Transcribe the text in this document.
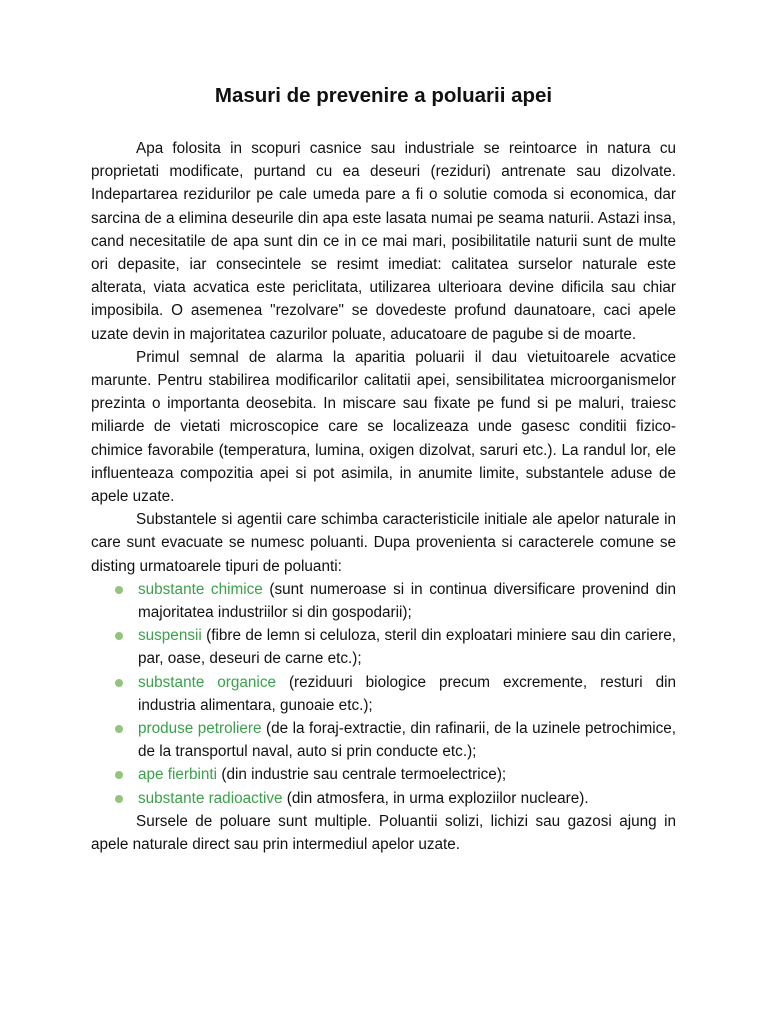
Masuri de prevenire a poluarii apei

Apa folosita in scopuri casnice sau industriale se reintoarce in natura cu proprietati modificate, purtand cu ea deseuri (reziduri) antrenate sau dizolvate. Indepartarea rezidurilor pe cale umeda pare a fi o solutie comoda si economica, dar sarcina de a elimina deseurile din apa este lasata numai pe seama naturii. Astazi insa, cand necesitatile de apa sunt din ce in ce mai mari, posibilitatile naturii sunt de multe ori depasite, iar consecintele se resimt imediat: calitatea surselor naturale este alterata, viata acvatica este periclitata, utilizarea ulterioara devine dificila sau chiar imposibila. O asemenea "rezolvare" se dovedeste profund daunatoare, caci apele uzate devin in majoritatea cazurilor poluate, aducatoare de pagube si de moarte.

Primul semnal de alarma la aparitia poluarii il dau vietuitoarele acvatice marunte. Pentru stabilirea modificarilor calitatii apei, sensibilitatea microorganismelor prezinta o importanta deosebita. In miscare sau fixate pe fund si pe maluri, traiesc miliarde de vietati microscopice care se localizeaza unde gasesc conditii fizico-chimice favorabile (temperatura, lumina, oxigen dizolvat, saruri etc.). La randul lor, ele influenteaza compozitia apei si pot asimila, in anumite limite, substantele aduse de apele uzate.

Substantele si agentii care schimba caracteristicile initiale ale apelor naturale in care sunt evacuate se numesc poluanti. Dupa provenienta si caracterele comune se disting urmatoarele tipuri de poluanti:

substante chimice (sunt numeroase si in continua diversificare provenind din majoritatea industriilor si din gospodarii);
suspensii (fibre de lemn si celuloza, steril din exploatari miniere sau din cariere, par, oase, deseuri de carne etc.);
substante organice (reziduuri biologice precum excremente, resturi din industria alimentara, gunoaie etc.);
produse petroliere (de la foraj-extractie, din rafinarii, de la uzinele petrochimice, de la transportul naval, auto si prin conducte etc.);
ape fierbinti (din industrie sau centrale termoelectrice);
substante radioactive (din atmosfera, in urma exploziilor nucleare).

Sursele de poluare sunt multiple. Poluantii solizi, lichizi sau gazosi ajung in apele naturale direct sau prin intermediul apelor uzate.
